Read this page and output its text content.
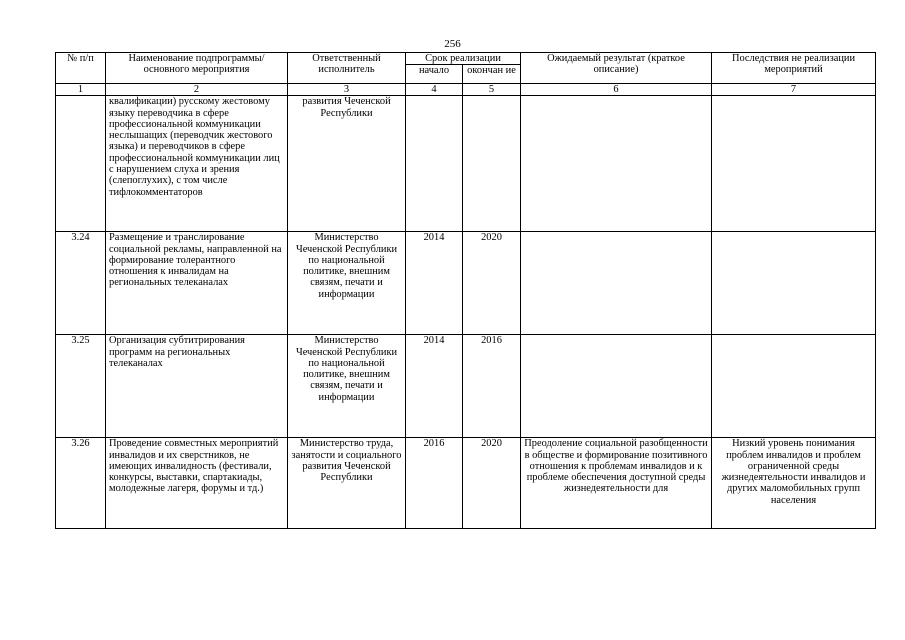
256
№ п/п	Наименование подпрограммы/ основного мероприятия	Ответственный исполнитель	Срок реализации		Ожидаемый результат (краткое описание)	Последствия не реализации мероприятий
			начало	окончан ие		
1	2	3	4	5	6	7
	квалификации) русскому жестовому языку переводчика в сфере профессиональной коммуникации неслышащих (переводчик жестового языка) и переводчиков в сфере профессиональной коммуникации лиц с нарушением слуха и зрения (слепоглухих), с том числе тифлокомментаторов	развития Чеченской Республики				
3.24	Размещение и транслирование социальной рекламы, направленной на формирование толерантного отношения к инвалидам на региональных телеканалах	Министерство Чеченской Республики по национальной политике, внешним связям, печати и информации	2014	2020		
3.25	Организация субтитрирования программ на региональных телеканалах	Министерство Чеченской Республики по национальной политике, внешним связям, печати и информации	2014	2016		
3.26	Проведение совместных мероприятий инвалидов и их сверстников, не имеющих инвалидность (фестивали, конкурсы, выставки, спартакиады, молодежные лагеря, форумы и тд.)	Министерство труда, занятости и социального развития Чеченской Республики	2016	2020	Преодоление социальной разобщенности в обществе и формирование позитивного отношения к проблемам инвалидов и к проблеме обеспечения доступной среды жизнедеятельности для	Низкий уровень понимания проблем инвалидов и проблем ограниченной среды жизнедеятельности инвалидов и других маломобильных групп населения
